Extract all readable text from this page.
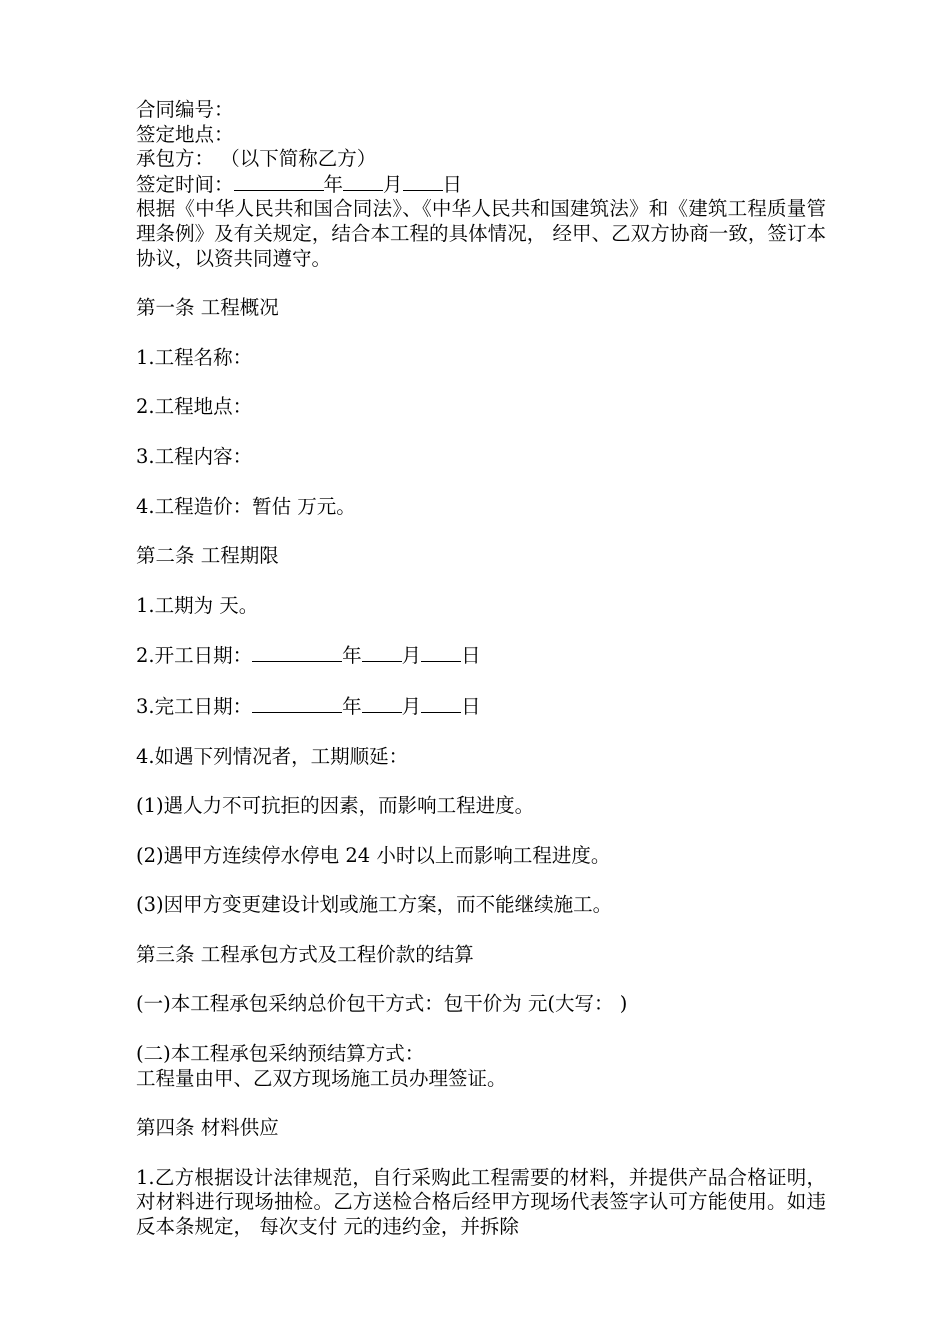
合同编号：

签定地点：

承包方： （以下简称乙方）

签定时间：	年 月 日

根据《中华人民共和国合同法》、《中华人民共和国建筑法》和《建筑工程质量管理条例》及有关规定，结合本工程的具体情况， 经甲、乙双方协商一致，签订本协议，以资共同遵守。

第一条 工程概况

1.工程名称：

2.工程地点：

3.工程内容：

4.工程造价：暂估 万元。

第二条 工程期限

1.工期为 天。

2.开工日期：	年 月 日

3.完工日期：	年 月 日

4.如遇下列情况者，工期顺延：

(1)遇人力不可抗拒的因素，而影响工程进度。

(2)遇甲方连续停水停电 24 小时以上而影响工程进度。

(3)因甲方变更建设计划或施工方案，而不能继续施工。

第三条 工程承包方式及工程价款的结算

(一)本工程承包采纳总价包干方式：包干价为 元(大写： )

(二)本工程承包采纳预结算方式：

工程量由甲、乙双方现场施工员办理签证。

第四条 材料供应

1.乙方根据设计法律规范，自行采购此工程需要的材料，并提供产品合格证明，对材料进行现场抽检。乙方送检合格后经甲方现场代表签字认可方能使用。如违反本条规定， 每次支付 元的违约金，并拆除
